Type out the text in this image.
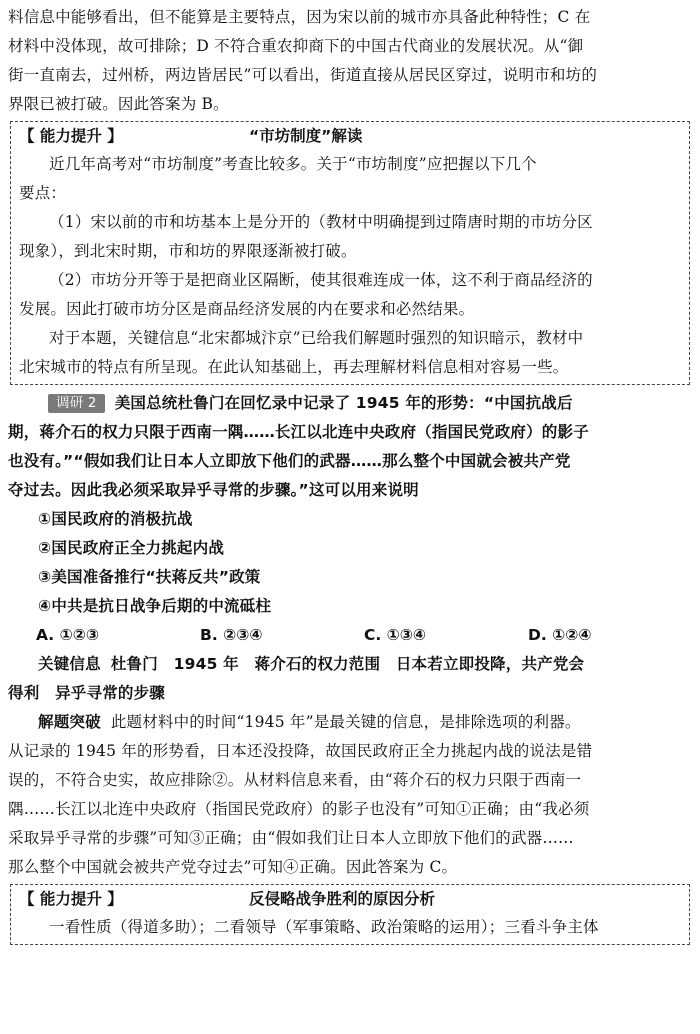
料信息中能够看出，但不能算是主要特点，因为宋以前的城市亦具备此种特性；C 在
材料中没体现，故可排除；D 不符合重农抑商下的中国古代商业的发展状况。从“御
街一直南去，过州桥，两边皆居民”可以看出，街道直接从居民区穿过，说明市和坊的
界限已被打破。因此答案为 B。
【 能力提升 】	“市坊制度”解读
近几年高考对“市坊制度”考查比较多。关于“市坊制度”应把握以下几个
要点：
（1）宋以前的市和坊基本上是分开的（教材中明确提到过隋唐时期的市坊分区
现象），到北宋时期，市和坊的界限逐渐被打破。
（2）市坊分开等于是把商业区隔断，使其很难连成一体，这不利于商品经济的
发展。因此打破市坊分区是商品经济发展的内在要求和必然结果。
对于本题，关键信息“北宋都城汴京”已给我们解题时强烈的知识暗示，教材中
北宋城市的特点有所呈现。在此认知基础上，再去理解材料信息相对容易一些。
调研 2 美国总统杜鲁门在回忆录中记录了 1945 年的形势：“中国抗战后
期，蒋介石的权力只限于西南一隅……长江以北连中央政府（指国民党政府）的影子
也没有。”“假如我们让日本人立即放下他们的武器……那么整个中国就会被共产党
夺过去。因此我必须采取异乎寻常的步骤。”这可以用来说明
①国民政府的消极抗战
②国民政府正全力挑起内战
③美国准备推行“扶蒋反共”政策
④中共是抗日战争后期的中流砥柱
A. ①②③	B. ②③④	C. ①③④	D. ①②④
关键信息 杜鲁门　1945 年　蒋介石的权力范围　日本若立即投降，共产党会
得利　异乎寻常的步骤
解题突破 此题材料中的时间“1945 年”是最关键的信息，是排除选项的利器。
从记录的 1945 年的形势看，日本还没投降，故国民政府正全力挑起内战的说法是错
误的，不符合史实，故应排除②。从材料信息来看，由“蒋介石的权力只限于西南一
隅……长江以北连中央政府（指国民党政府）的影子也没有”可知①正确；由“我必须
采取异乎寻常的步骤”可知③正确；由“假如我们让日本人立即放下他们的武器……
那么整个中国就会被共产党夺过去”可知④正确。因此答案为 C。
【 能力提升 】	反侵略战争胜利的原因分析
一看性质（得道多助）；二看领导（军事策略、政治策略的运用）；三看斗争主体
